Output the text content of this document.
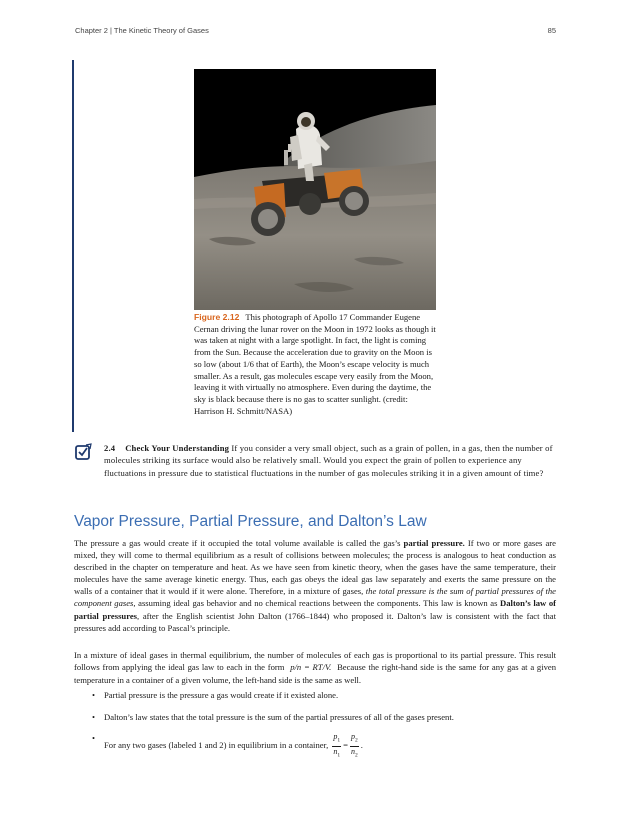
Chapter 2 | The Kinetic Theory of Gases	85
Figure 2.12 This photograph of Apollo 17 Commander Eugene Cernan driving the lunar rover on the Moon in 1972 looks as though it was taken at night with a large spotlight. In fact, the light is coming from the Sun. Because the acceleration due to gravity on the Moon is so low (about 1/6 that of Earth), the Moon’s escape velocity is much smaller. As a result, gas molecules escape very easily from the Moon, leaving it with virtually no atmosphere. Even during the daytime, the sky is black because there is no gas to scatter sunlight. (credit: Harrison H. Schmitt/NASA)
2.4 Check Your Understanding If you consider a very small object, such as a grain of pollen, in a gas, then the number of molecules striking its surface would also be relatively small. Would you expect the grain of pollen to experience any fluctuations in pressure due to statistical fluctuations in the number of gas molecules striking it in a given amount of time?
Vapor Pressure, Partial Pressure, and Dalton’s Law
The pressure a gas would create if it occupied the total volume available is called the gas’s partial pressure. If two or more gases are mixed, they will come to thermal equilibrium as a result of collisions between molecules; the process is analogous to heat conduction as described in the chapter on temperature and heat. As we have seen from kinetic theory, when the gases have the same temperature, their molecules have the same average kinetic energy. Thus, each gas obeys the ideal gas law separately and exerts the same pressure on the walls of a container that it would if it were alone. Therefore, in a mixture of gases, the total pressure is the sum of partial pressures of the component gases, assuming ideal gas behavior and no chemical reactions between the components. This law is known as Dalton’s law of partial pressures, after the English scientist John Dalton (1766–1844) who proposed it. Dalton’s law is consistent with the fact that pressures add according to Pascal’s principle.
In a mixture of ideal gases in thermal equilibrium, the number of molecules of each gas is proportional to its partial pressure. This result follows from applying the ideal gas law to each in the form p/n = RT/V. Because the right-hand side is the same for any gas at a given temperature in a container of a given volume, the left-hand side is the same as well.
• Partial pressure is the pressure a gas would create if it existed alone.
• Dalton’s law states that the total pressure is the sum of the partial pressures of all of the gases present.
•
For any two gases (labeled 1 and 2) in equilibrium in a container, $\frac{p_1}{n_1} = \frac{p_2}{n_2}$ .
